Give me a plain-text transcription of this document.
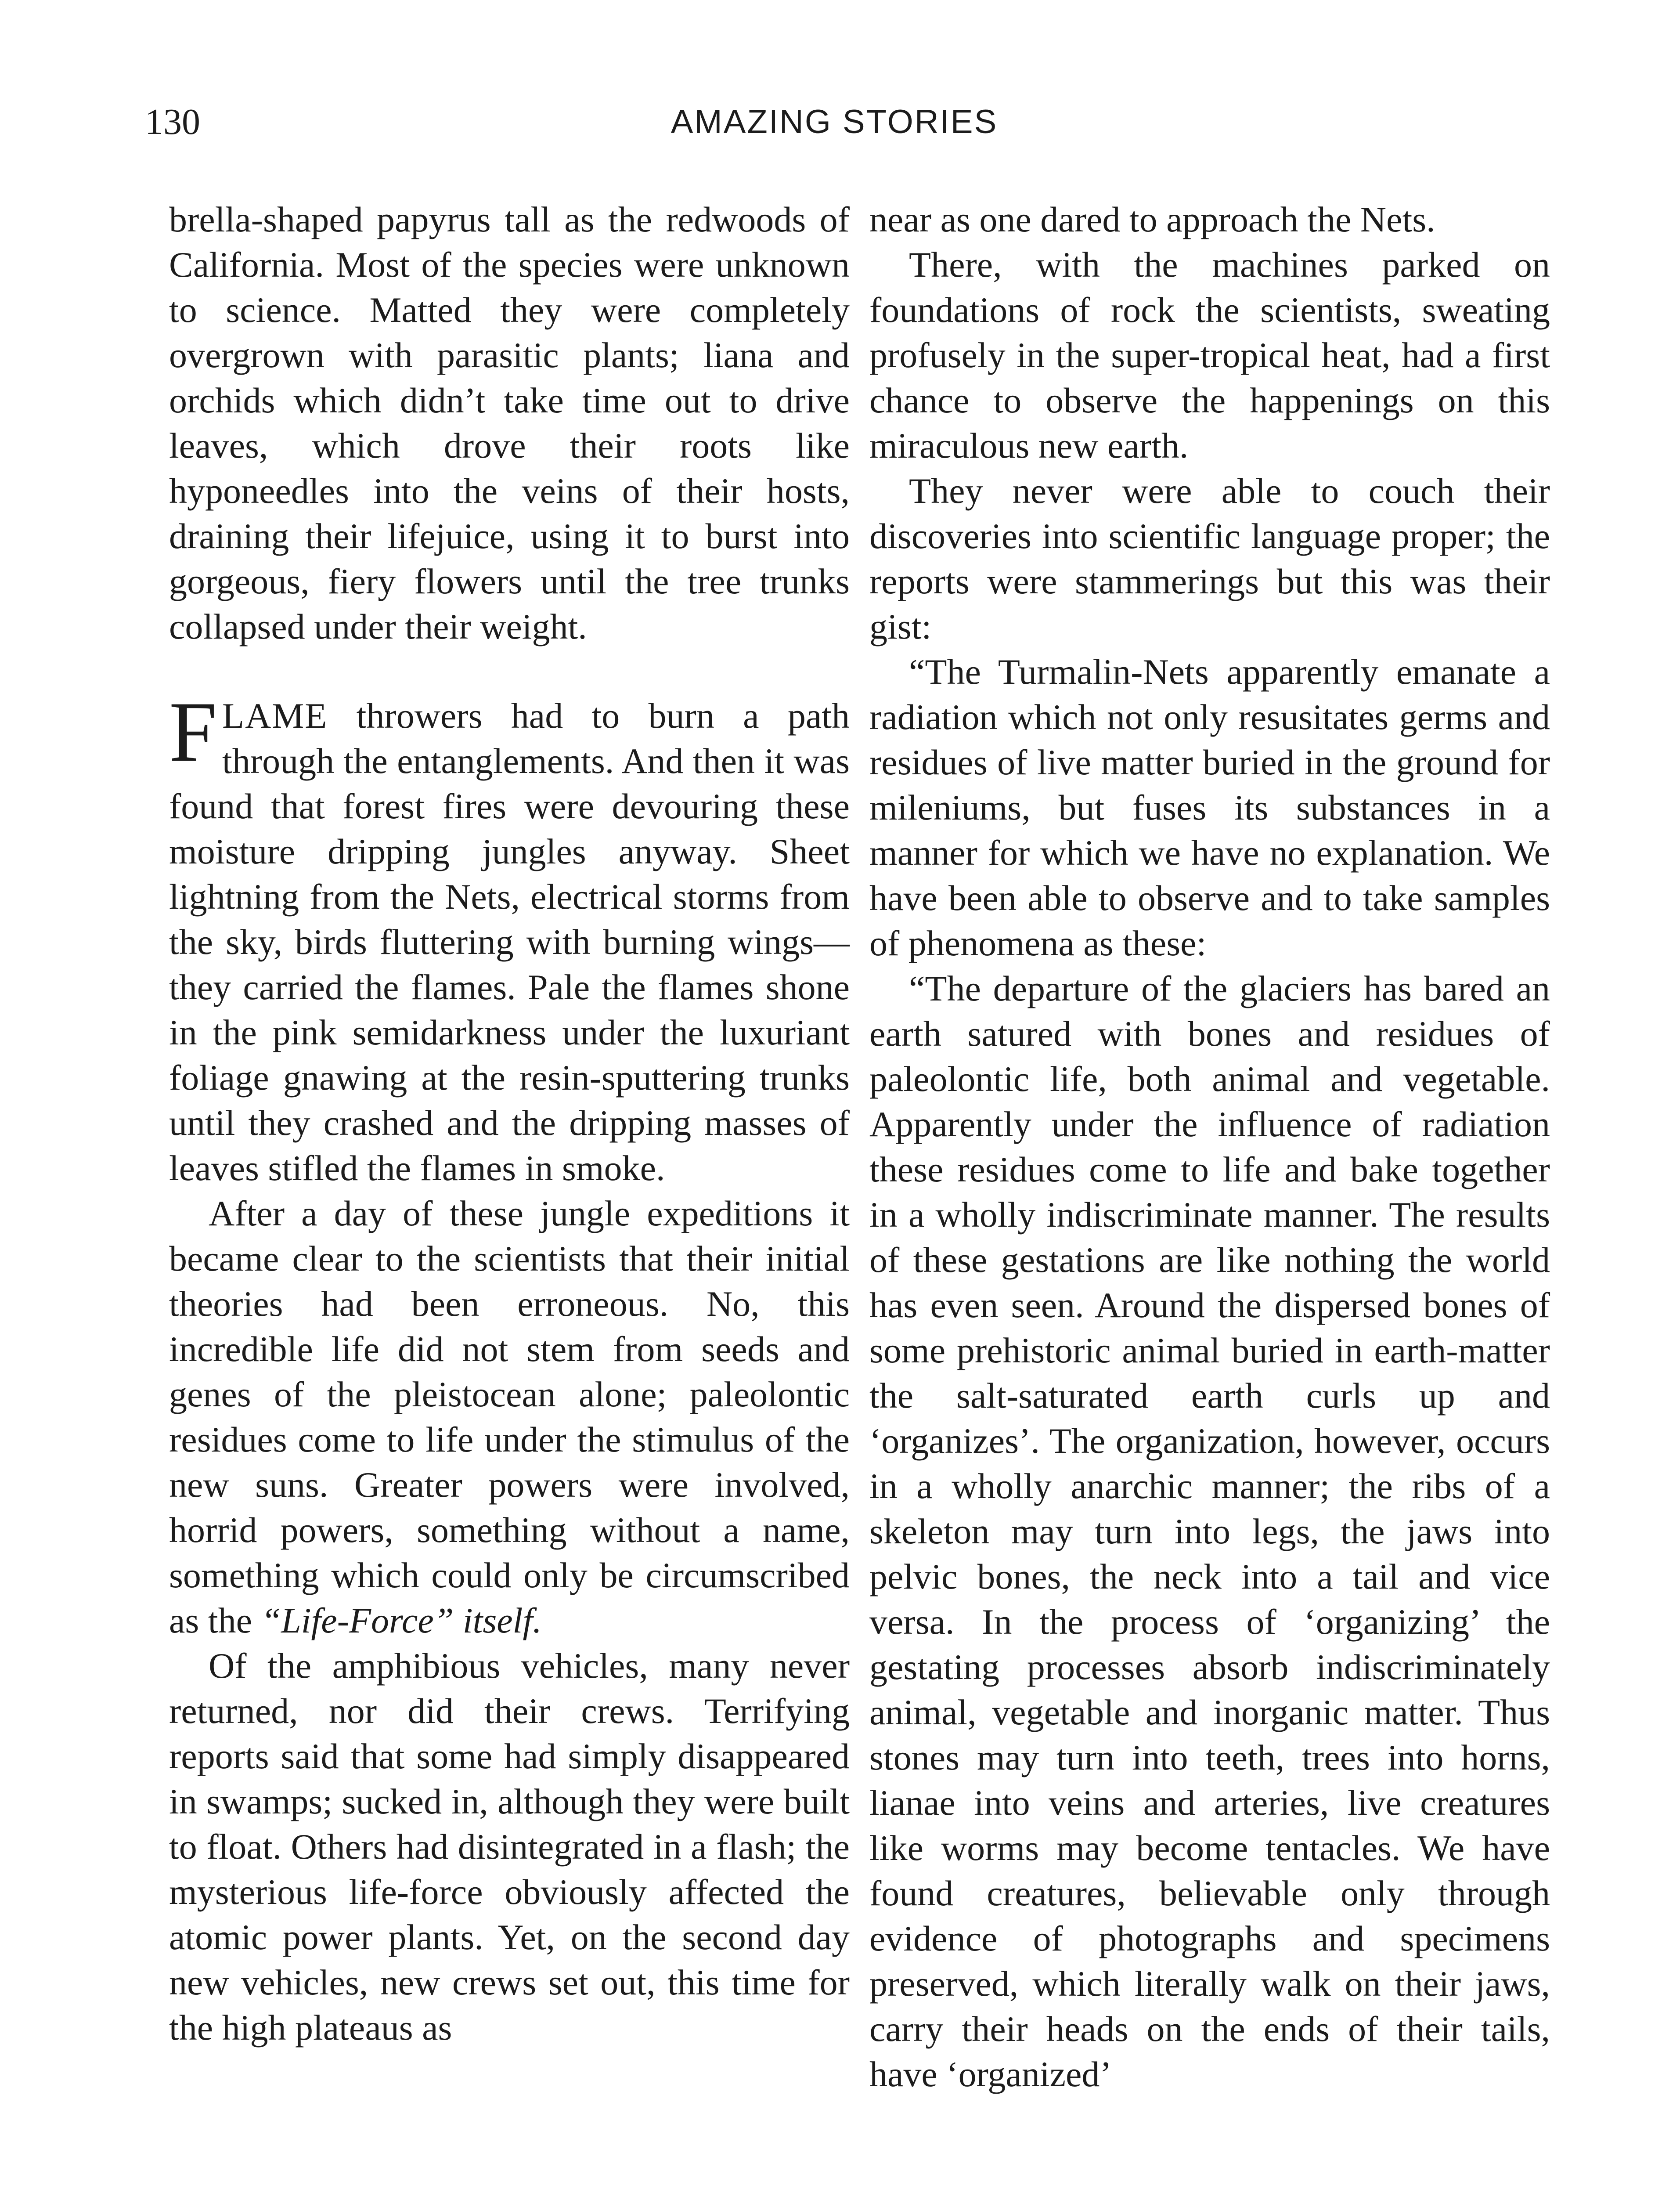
130	AMAZING STORIES

brella-shaped papyrus tall as the redwoods of California. Most of the species were unknown to science. Matted they were completely overgrown with parasitic plants; liana and orchids which didn’t take time out to drive leaves, which drove their roots like hyponeedles into the veins of their hosts, draining their lifejuice, using it to burst into gorgeous, fiery flowers until the tree trunks collapsed under their weight.

FLAME throwers had to burn a path through the entanglements. And then it was found that forest fires were devouring these moisture dripping jungles anyway. Sheet lightning from the Nets, electrical storms from the sky, birds fluttering with burning wings—they carried the flames. Pale the flames shone in the pink semidarkness under the luxuriant foliage gnawing at the resin-sputtering trunks until they crashed and the dripping masses of leaves stifled the flames in smoke.

After a day of these jungle expeditions it became clear to the scientists that their initial theories had been erroneous. No, this incredible life did not stem from seeds and genes of the pleistocean alone; paleolontic residues come to life under the stimulus of the new suns. Greater powers were involved, horrid powers, something without a name, something which could only be circumscribed as the “Life-Force” itself.

Of the amphibious vehicles, many never returned, nor did their crews. Terrifying reports said that some had simply disappeared in swamps; sucked in, although they were built to float. Others had disintegrated in a flash; the mysterious life-force obviously affected the atomic power plants. Yet, on the second day new vehicles, new crews set out, this time for the high plateaus as

near as one dared to approach the Nets.

There, with the machines parked on foundations of rock the scientists, sweating profusely in the super-tropical heat, had a first chance to observe the happenings on this miraculous new earth.

They never were able to couch their discoveries into scientific language proper; the reports were stammerings but this was their gist:

“The Turmalin-Nets apparently emanate a radiation which not only resusitates germs and residues of live matter buried in the ground for mileniums, but fuses its substances in a manner for which we have no explanation. We have been able to observe and to take samples of phenomena as these:

“The departure of the glaciers has bared an earth satured with bones and residues of paleolontic life, both animal and vegetable. Apparently under the influence of radiation these residues come to life and bake together in a wholly indiscriminate manner. The results of these gestations are like nothing the world has even seen. Around the dispersed bones of some prehistoric animal buried in earth-matter the salt-saturated earth curls up and ‘organizes’. The organization, however, occurs in a wholly anarchic manner; the ribs of a skeleton may turn into legs, the jaws into pelvic bones, the neck into a tail and vice versa. In the process of ‘organizing’ the gestating processes absorb indiscriminately animal, vegetable and inorganic matter. Thus stones may turn into teeth, trees into horns, lianae into veins and arteries, live creatures like worms may become tentacles. We have found creatures, believable only through evidence of photographs and specimens preserved, which literally walk on their jaws, carry their heads on the ends of their tails, have ‘organized’
